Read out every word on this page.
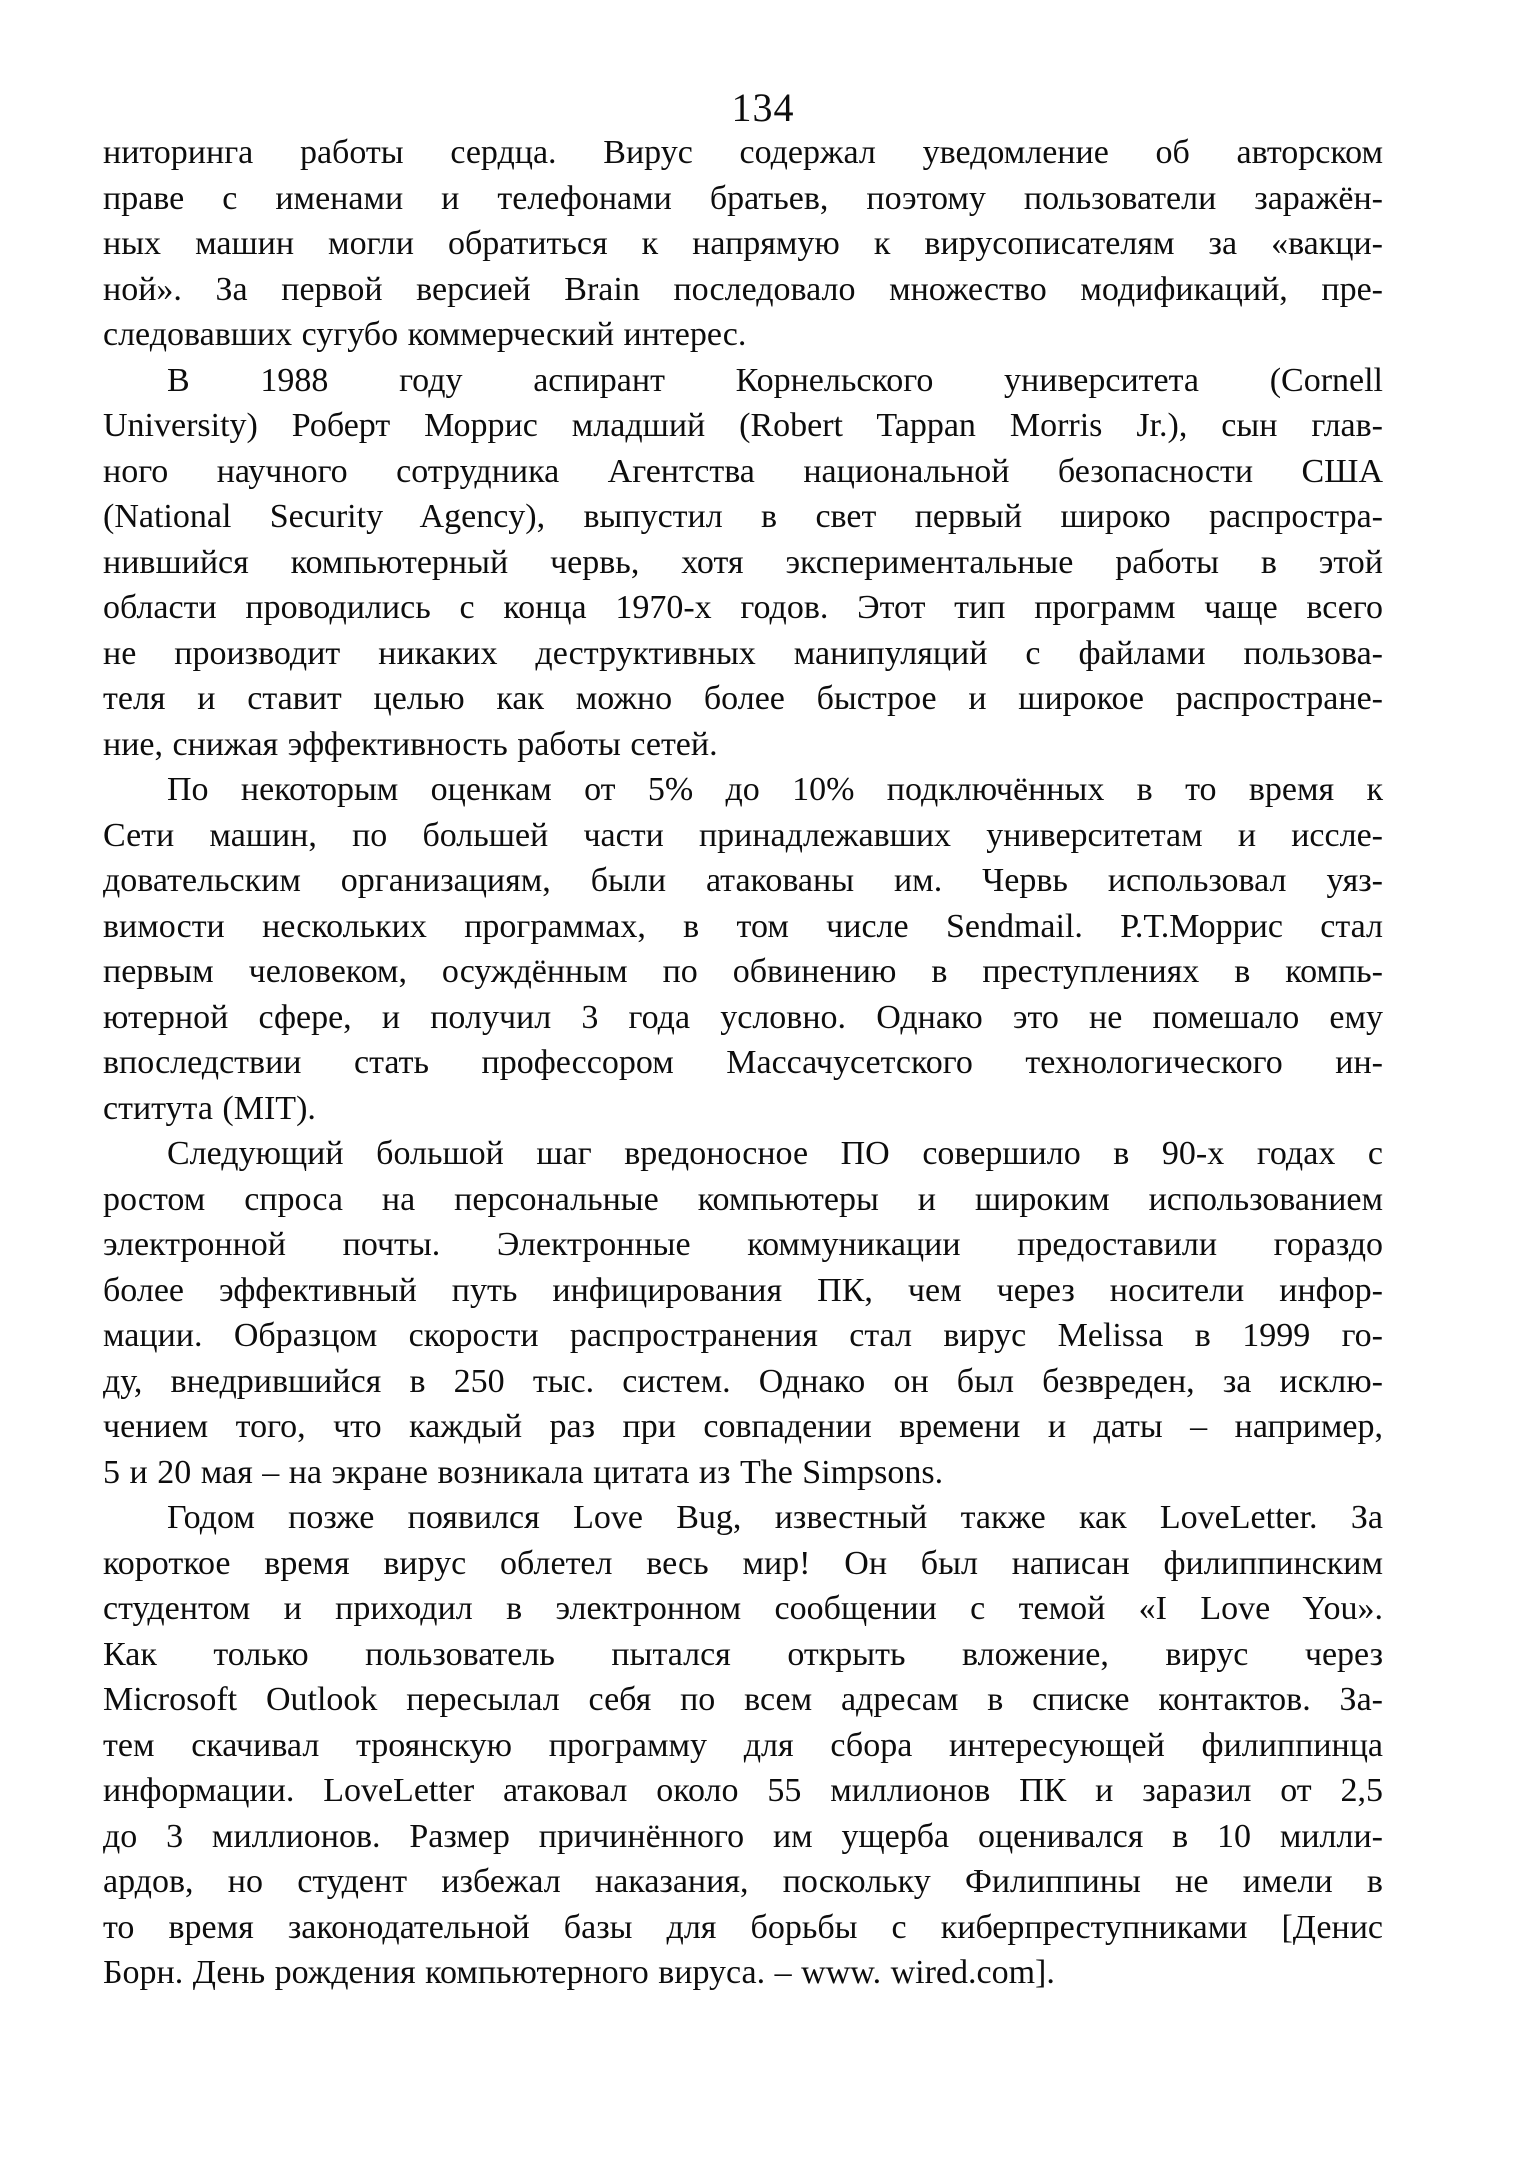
134
ниторинга работы сердца. Вирус содержал уведомление об авторском
праве с именами и телефонами братьев, поэтому пользователи заражён-
ных машин могли обратиться к напрямую к вирусописателям за «вакци-
ной». За первой версией Brain последовало множество модификаций, пре-
следовавших сугубо коммерческий интерес.
В 1988 году аспирант Корнельского университета (Cornell
University) Роберт Моррис младший (Robert Tappan Morris Jr.), сын глав-
ного научного сотрудника Агентства национальной безопасности США
(National Security Agency), выпустил в свет первый широко распростра-
нившийся компьютерный червь, хотя экспериментальные работы в этой
области проводились с конца 1970-х годов. Этот тип программ чаще всего
не производит никаких деструктивных манипуляций с файлами пользова-
теля и ставит целью как можно более быстрое и широкое распростране-
ние, снижая эффективность работы сетей.
По некоторым оценкам от 5% до 10% подключённых в то время к
Сети машин, по большей части принадлежавших университетам и иссле-
довательским организациям, были атакованы им. Червь использовал уяз-
вимости нескольких программах, в том числе Sendmail. Р.Т.Моррис стал
первым человеком, осуждённым по обвинению в преступлениях в компь-
ютерной сфере, и получил 3 года условно. Однако это не помешало ему
впоследствии стать профессором Массачусетского технологического ин-
ститута (MIT).
Следующий большой шаг вредоносное ПО совершило в 90-х годах с
ростом спроса на персональные компьютеры и широким использованием
электронной почты. Электронные коммуникации предоставили гораздо
более эффективный путь инфицирования ПК, чем через носители инфор-
мации. Образцом скорости распространения стал вирус Melissa в 1999 го-
ду, внедрившийся в 250 тыс. систем. Однако он был безвреден, за исклю-
чением того, что каждый раз при совпадении времени и даты – например,
5 и 20 мая – на экране возникала цитата из The Simpsons.
Годом позже появился Love Bug, известный также как LoveLetter. За
короткое время вирус облетел весь мир! Он был написан филиппинским
студентом и приходил в электронном сообщении с темой «I Love You».
Как только пользователь пытался открыть вложение, вирус через
Microsoft Outlook пересылал себя по всем адресам в списке контактов. За-
тем скачивал троянскую программу для сбора интересующей филиппинца
информации. LoveLetter атаковал около 55 миллионов ПК и заразил от 2,5
до 3 миллионов. Размер причинённого им ущерба оценивался в 10 милли-
ардов, но студент избежал наказания, поскольку Филиппины не имели в
то время законодательной базы для борьбы с киберпреступниками [Денис
Борн. День рождения компьютерного вируса. – www. wired.com].
